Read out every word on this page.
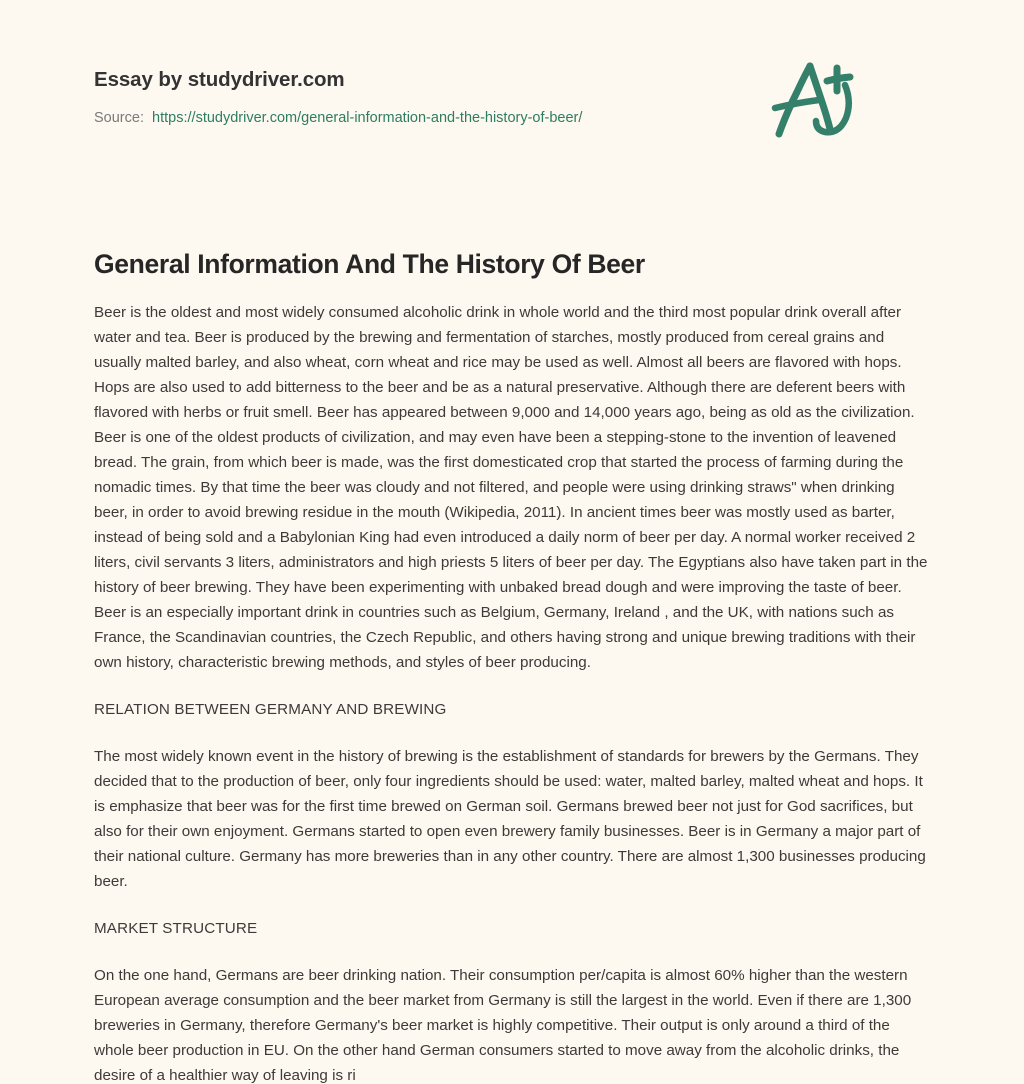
Essay by studydriver.com
Source: https://studydriver.com/general-information-and-the-history-of-beer/
General Information And The History Of Beer

Beer is the oldest and most widely consumed alcoholic drink in whole world and the third most popular drink overall after water and tea. Beer is produced by the brewing and fermentation of starches, mostly produced from cereal grains and usually malted barley, and also wheat, corn wheat and rice may be used as well. Almost all beers are flavored with hops. Hops are also used to add bitterness to the beer and be as a natural preservative. Although there are deferent beers with flavored with herbs or fruit smell. Beer has appeared between 9,000 and 14,000 years ago, being as old as the civilization. Beer is one of the oldest products of civilization, and may even have been a stepping-stone to the invention of leavened bread. The grain, from which beer is made, was the first domesticated crop that started the process of farming during the nomadic times. By that time the beer was cloudy and not filtered, and people were using drinking straws" when drinking beer, in order to avoid brewing residue in the mouth (Wikipedia, 2011). In ancient times beer was mostly used as barter, instead of being sold and a Babylonian King had even introduced a daily norm of beer per day. A normal worker received 2 liters, civil servants 3 liters, administrators and high priests 5 liters of beer per day. The Egyptians also have taken part in the history of beer brewing. They have been experimenting with unbaked bread dough and were improving the taste of beer. Beer is an especially important drink in countries such as Belgium, Germany, Ireland , and the UK, with nations such as France, the Scandinavian countries, the Czech Republic, and others having strong and unique brewing traditions with their own history, characteristic brewing methods, and styles of beer producing.

RELATION BETWEEN GERMANY AND BREWING

The most widely known event in the history of brewing is the establishment of standards for brewers by the Germans. They decided that to the production of beer, only four ingredients should be used: water, malted barley, malted wheat and hops. It is emphasize that beer was for the first time brewed on German soil. Germans brewed beer not just for God sacrifices, but also for their own enjoyment. Germans started to open even brewery family businesses. Beer is in Germany a major part of their national culture. Germany has more breweries than in any other country. There are almost 1,300 businesses producing beer.

MARKET STRUCTURE

On the one hand, Germans are beer drinking nation. Their consumption per/capita is almost 60% higher than the western European average consumption and the beer market from Germany is still the largest in the world. Even if there are 1,300 breweries in Germany, therefore Germany's beer market is highly competitive. Their output is only around a third of the whole beer production in EU. On the other hand German consumers started to move away from the alcoholic drinks, the desire of a healthier way of leaving is ri
